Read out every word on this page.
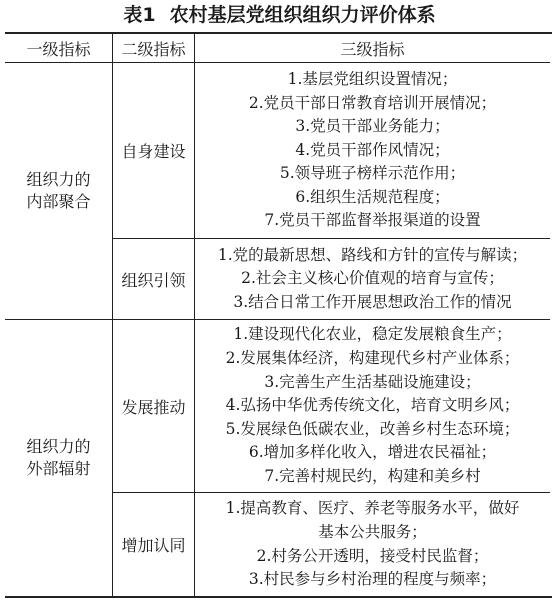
表1 农村基层党组织组织力评价体系
一级指标	二级指标	三级指标
组织力的
内部聚合
自身建设
1.基层党组织设置情况；
2.党员干部日常教育培训开展情况；
3.党员干部业务能力；
4.党员干部作风情况；
5.领导班子榜样示范作用；
6.组织生活规范程度；
7.党员干部监督举报渠道的设置
组织引领
1.党的最新思想、路线和方针的宣传与解读；
2.社会主义核心价值观的培育与宣传；
3.结合日常工作开展思想政治工作的情况
组织力的
外部辐射
发展推动
1.建设现代化农业，稳定发展粮食生产；
2.发展集体经济，构建现代乡村产业体系；
3.完善生产生活基础设施建设；
4.弘扬中华优秀传统文化，培育文明乡风；
5.发展绿色低碳农业，改善乡村生态环境；
6.增加多样化收入，增进农民福祉；
7.完善村规民约，构建和美乡村
增加认同
1.提高教育、医疗、养老等服务水平，做好
基本公共服务；
2.村务公开透明，接受村民监督；
3.村民参与乡村治理的程度与频率；
